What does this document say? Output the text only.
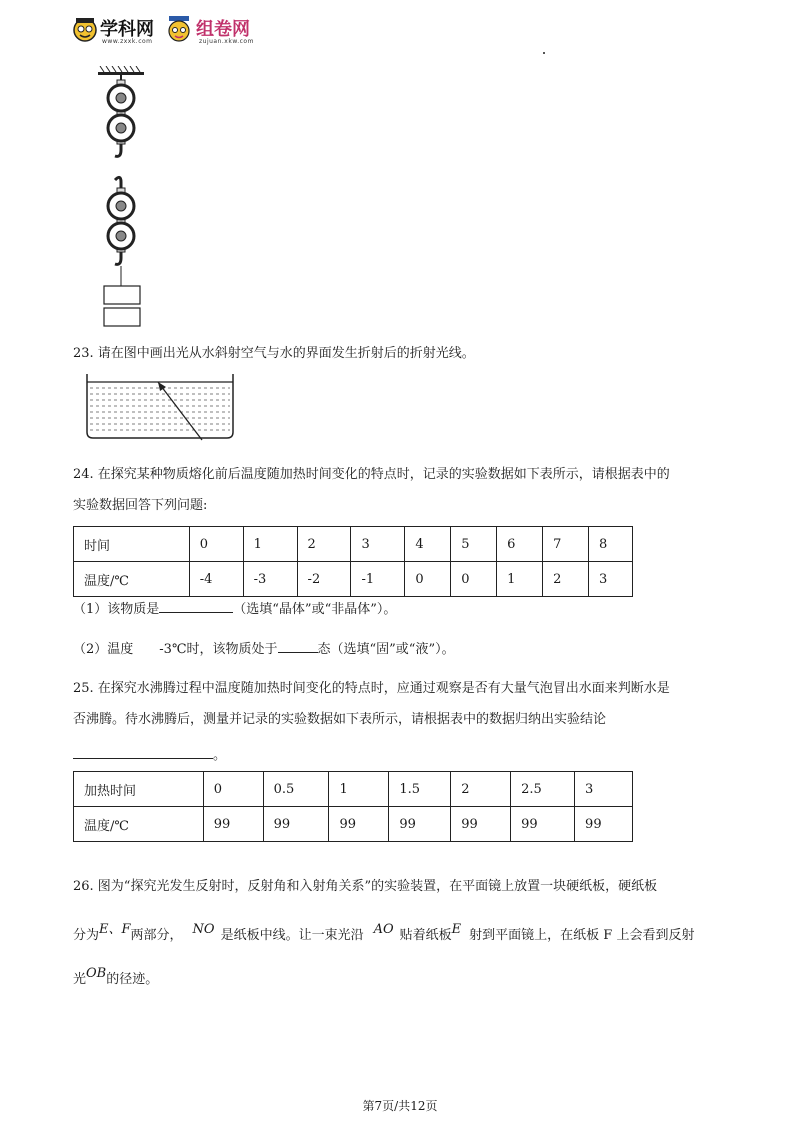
学科网
www.zxxk.com
组卷网
zujuan.xkw.com
23. 请在图中画出光从水斜射空气与水的界面发生折射后的折射光线。
24. 在探究某种物质熔化前后温度随加热时间变化的特点时，记录的实验数据如下表所示，请根据表中的
实验数据回答下列问题:
时间	0	1	2	3	4	5	6	7	8
温度/℃	-4	-3	-2	-1	0	0	1	2	3
（1）该物质是	（选填“晶体”或“非晶体”）。
（2）温度 -3℃时，该物质处于	态（选填“固”或“液”）。
25. 在探究水沸腾过程中温度随加热时间变化的特点时，应通过观察是否有大量气泡冒出水面来判断水是
否沸腾。待水沸腾后，测量并记录的实验数据如下表所示，请根据表中的数据归纳出实验结论
。
加热时间	0	0.5	1	1.5	2	2.5	3
温度/℃	99	99	99	99	99	99	99
26. 图为“探究光发生反射时，反射角和入射角关系”的实验装置，在平面镜上放置一块硬纸板，硬纸板
分为E、F两部分， NO 是纸板中线。让一束光沿 AO 贴着纸板E 射到平面镜上，在纸板 F 上会看到反射
光OB的径迹。
第7页/共12页
